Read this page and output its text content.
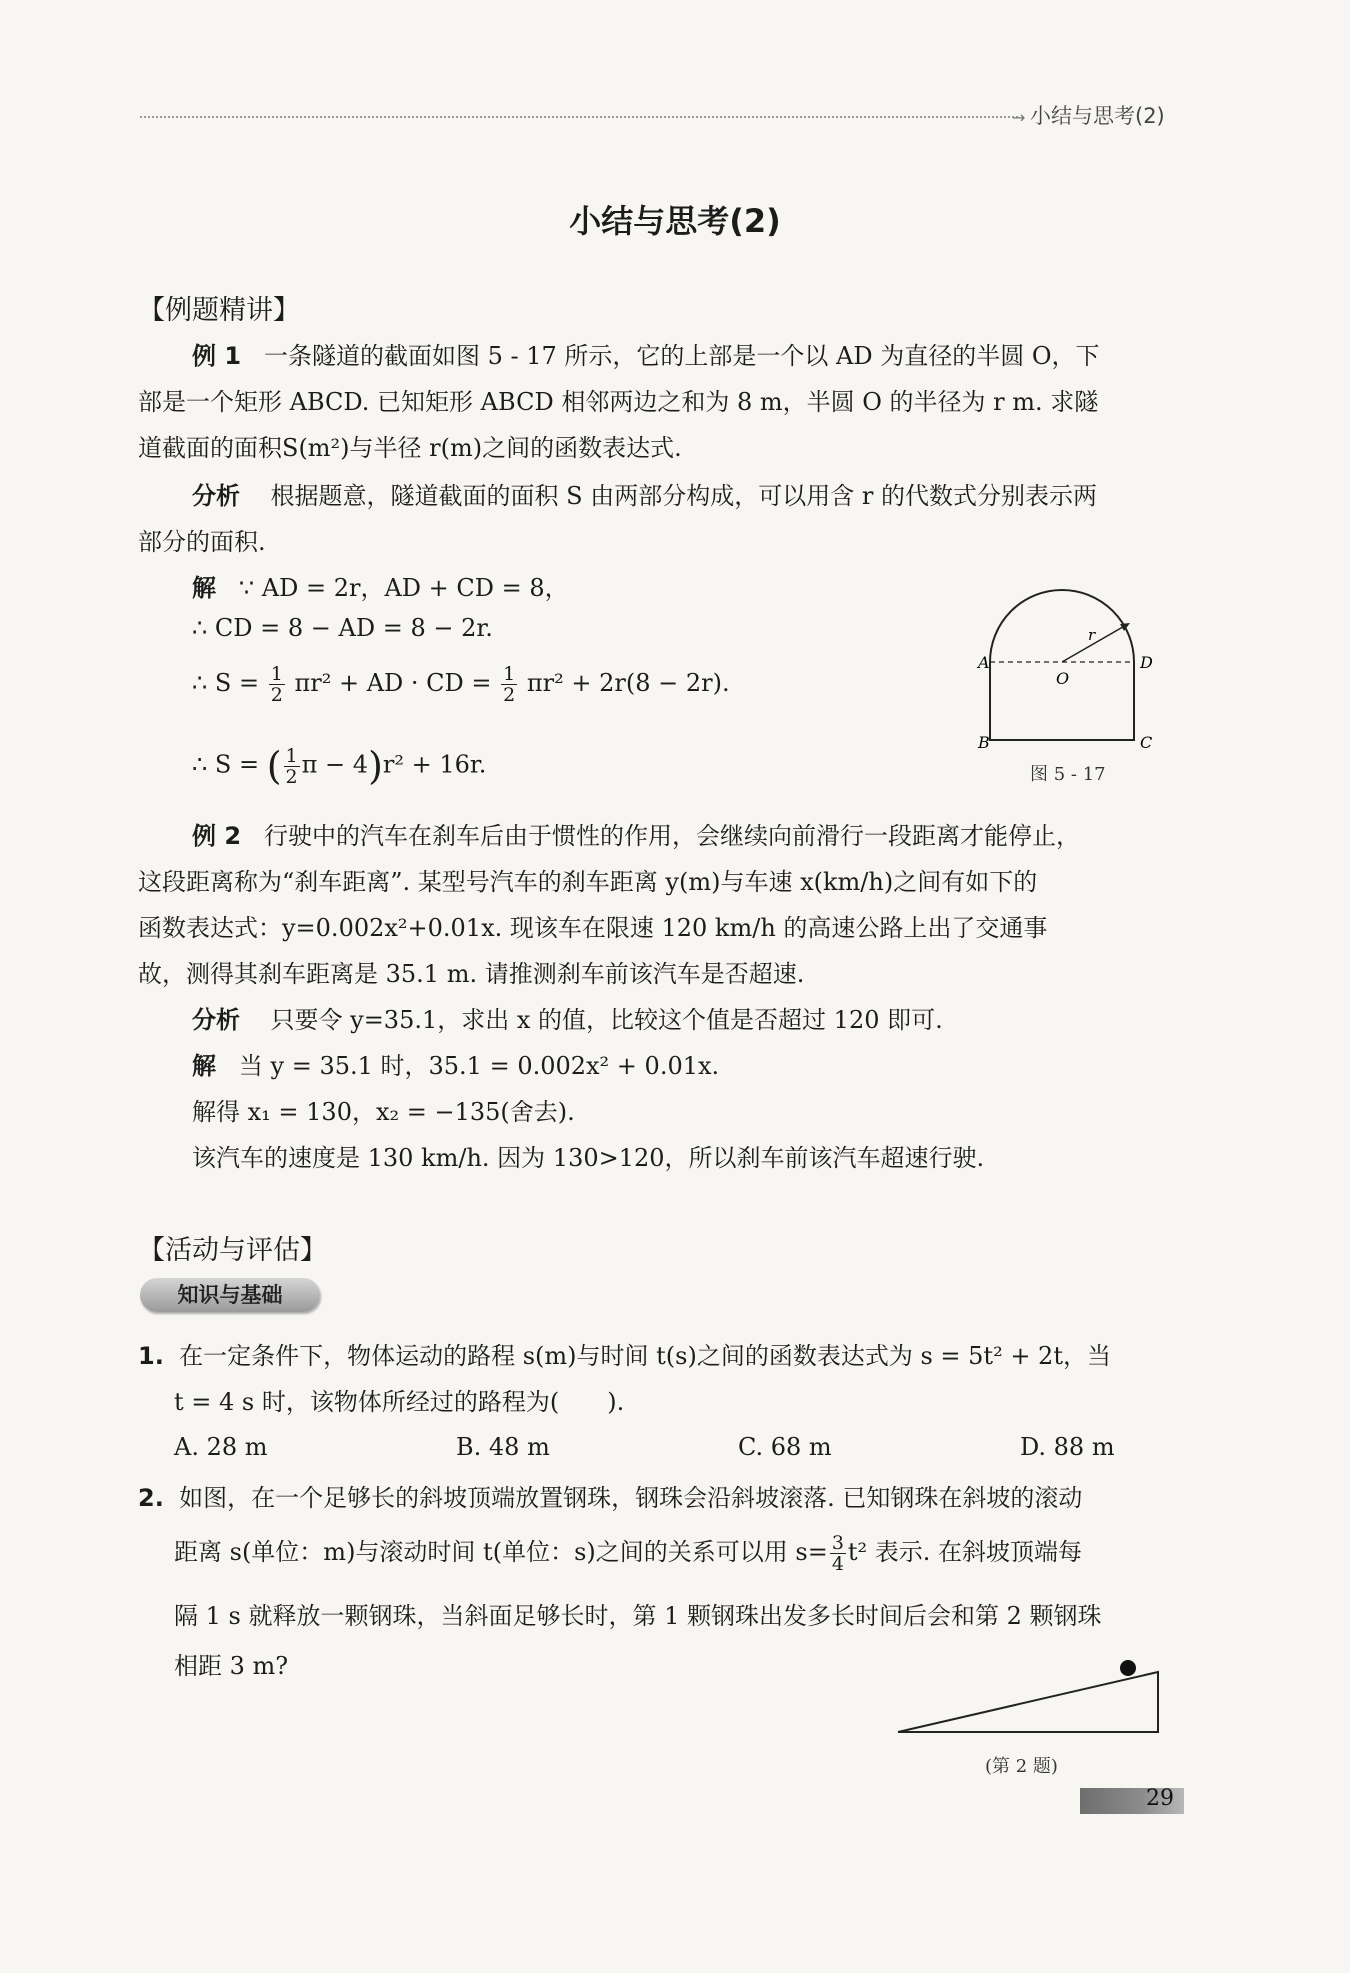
→ 小结与思考(2)
小结与思考(2)
【例题精讲】
例 1 一条隧道的截面如图 5 - 17 所示，它的上部是一个以 AD 为直径的半圆 O，下
部是一个矩形 ABCD. 已知矩形 ABCD 相邻两边之和为 8 m，半圆 O 的半径为 r m. 求隧
道截面的面积S(m²)与半径 r(m)之间的函数表达式.
分析 根据题意，隧道截面的面积 S 由两部分构成，可以用含 r 的代数式分别表示两
部分的面积.
解 ∵ AD = 2r，AD + CD = 8，
∴ CD = 8 − AD = 8 − 2r.
∴ $S = \frac{1}{2} \pi r^2$ + AD · CD = $\frac{1}{2} \pi r^2 + 2r(8 - 2r)$.
∴ S = ( $\frac{1}{2}$ π − 4)r² + 16r.
A	D
O
r
B	C
图 5 - 17
例 2 行驶中的汽车在刹车后由于惯性的作用，会继续向前滑行一段距离才能停止，
这段距离称为“刹车距离”. 某型号汽车的刹车距离 y(m)与车速 x(km/h)之间有如下的
函数表达式：y=0.002x²+0.01x. 现该车在限速 120 km/h 的高速公路上出了交通事
故，测得其刹车距离是 35.1 m. 请推测刹车前该汽车是否超速.
分析 只要令 y=35.1，求出 x 的值，比较这个值是否超过 120 即可.
解 当 y = 35.1 时，35.1 = 0.002x² + 0.01x.
解得 x₁ = 130，x₂ = −135(舍去).
该汽车的速度是 130 km/h. 因为 130>120，所以刹车前该汽车超速行驶.
【活动与评估】
知识与基础
1. 在一定条件下，物体运动的路程 s(m)与时间 t(s)之间的函数表达式为 s = 5t² + 2t，当
t = 4 s 时，该物体所经过的路程为(　　).
A. 28 m	B. 48 m	C. 68 m	D. 88 m
2. 如图，在一个足够长的斜坡顶端放置钢珠，钢珠会沿斜坡滚落. 已知钢珠在斜坡的滚动
距离 s(单位：m)与滚动时间 t(单位：s)之间的关系可以用 $s= \frac{3}{4} t^2$ 表示. 在斜坡顶端每
隔 1 s 就释放一颗钢珠，当斜面足够长时，第 1 颗钢珠出发多长时间后会和第 2 颗钢珠
相距 3 m?
(第 2 题)
29
